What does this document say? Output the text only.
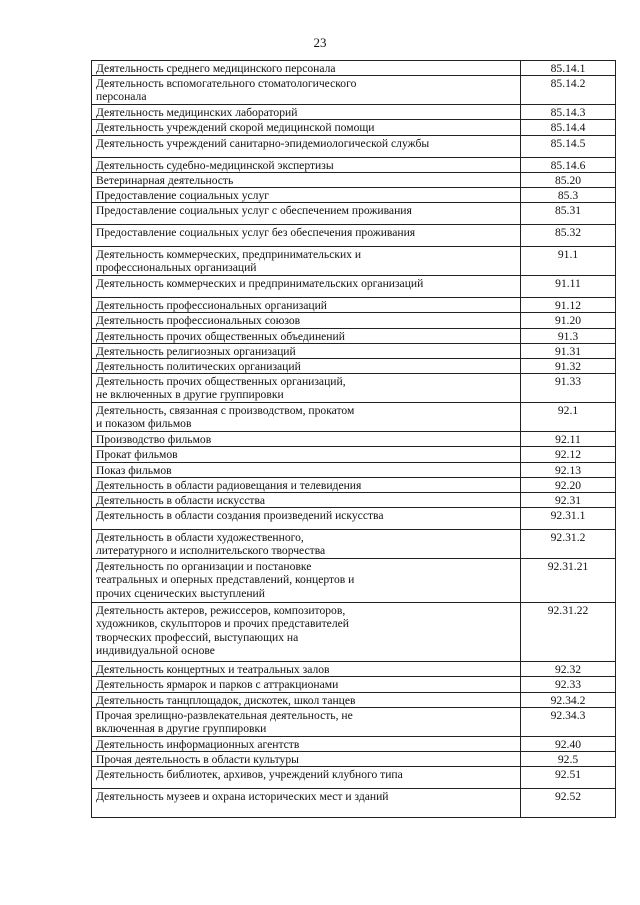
23
Деятельность среднего медицинского персонала	85.14.1

Деятельность вспомогательного стоматологического
персонала	85.14.2

Деятельность медицинских лабораторий	85.14.3

Деятельность учреждений скорой медицинской помощи	85.14.4

Деятельность учреждений санитарно-эпидемиологической службы	85.14.5

Деятельность судебно-медицинской экспертизы	85.14.6

Ветеринарная деятельность	85.20

Предоставление социальных услуг	85.3

Предоставление социальных услуг с обеспечением проживания	85.31

Предоставление социальных услуг без обеспечения проживания	85.32

Деятельность коммерческих, предпринимательских и
профессиональных организаций	91.1

Деятельность коммерческих и предпринимательских организаций	91.11

Деятельность профессиональных организаций	91.12

Деятельность профессиональных союзов	91.20

Деятельность прочих общественных объединений	91.3

Деятельность религиозных организаций	91.31

Деятельность политических организаций	91.32

Деятельность прочих общественных организаций,
не включенных в другие группировки	91.33

Деятельность, связанная с производством, прокатом
и показом фильмов	92.1

Производство фильмов	92.11

Прокат фильмов	92.12

Показ фильмов	92.13

Деятельность в области радиовещания и телевидения	92.20

Деятельность в области искусства	92.31

Деятельность в области создания произведений искусства	92.31.1

Деятельность в области художественного,
литературного и исполнительского творчества	92.31.2

Деятельность по организации и постановке
театральных и оперных представлений, концертов и
прочих сценических выступлений	92.31.21

Деятельность актеров, режиссеров, композиторов,
художников, скульпторов и прочих представителей
творческих профессий, выступающих на
индивидуальной основе	92.31.22

Деятельность концертных и театральных залов	92.32

Деятельность ярмарок и парков с аттракционами	92.33

Деятельность танцплощадок, дискотек, школ танцев	92.34.2

Прочая зрелищно-развлекательная деятельность, не
включенная в другие группировки	92.34.3

Деятельность информационных агентств	92.40

Прочая деятельность в области культуры	92.5

Деятельность библиотек, архивов, учреждений клубного типа	92.51

Деятельность музеев и охрана исторических мест и зданий	92.52
